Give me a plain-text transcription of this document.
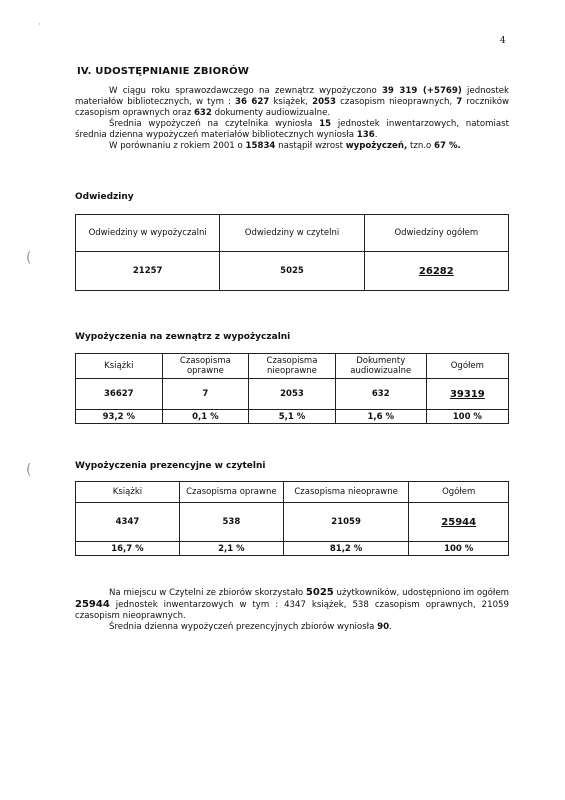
·
(
(
4
IV. UDOSTĘPNIANIE ZBIORÓW

W ciągu roku sprawozdawczego na zewnątrz wypożyczono 39 319 (+5769) jednostek materiałów bibliotecznych, w tym : 36 627 książek, 2053 czasopism nieoprawnych, 7 roczników czasopism oprawnych oraz 632 dokumenty audiowizualne.

Średnia wypożyczeń na czytelnika wyniosła 15 jednostek inwentarzowych, natomiast średnia dzienna wypożyczeń materiałów bibliotecznych wyniosła 136.

W porównaniu z rokiem 2001 o 15834 nastąpił wzrost wypożyczeń, tzn.o 67 %.

Odwiedziny
Odwiedziny w wypożyczalni	Odwiedziny w czytelni	Odwiedziny ogółem
21257	5025	26282
Wypożyczenia na zewnątrz z wypożyczalni
Książki	Czasopisma oprawne	Czasopisma nieoprawne	Dokumenty audiowizualne	Ogółem
36627	7	2053	632	39319
93,2 %	0,1 %	5,1 %	1,6 %	100 %
Wypożyczenia prezencyjne w czytelni
Książki	Czasopisma oprawne	Czasopisma nieoprawne	Ogółem
4347	538	21059	25944
16,7 %	2,1 %	81,2 %	100 %

Na miejscu w Czytelni ze zbiorów skorzystało 5025 użytkowników, udostępniono im ogółem 25944 jednostek inwentarzowych w tym : 4347 książek, 538 czasopism oprawnych, 21059 czasopism nieoprawnych.

Średnia dzienna wypożyczeń prezencyjnych zbiorów wyniosła 90.
